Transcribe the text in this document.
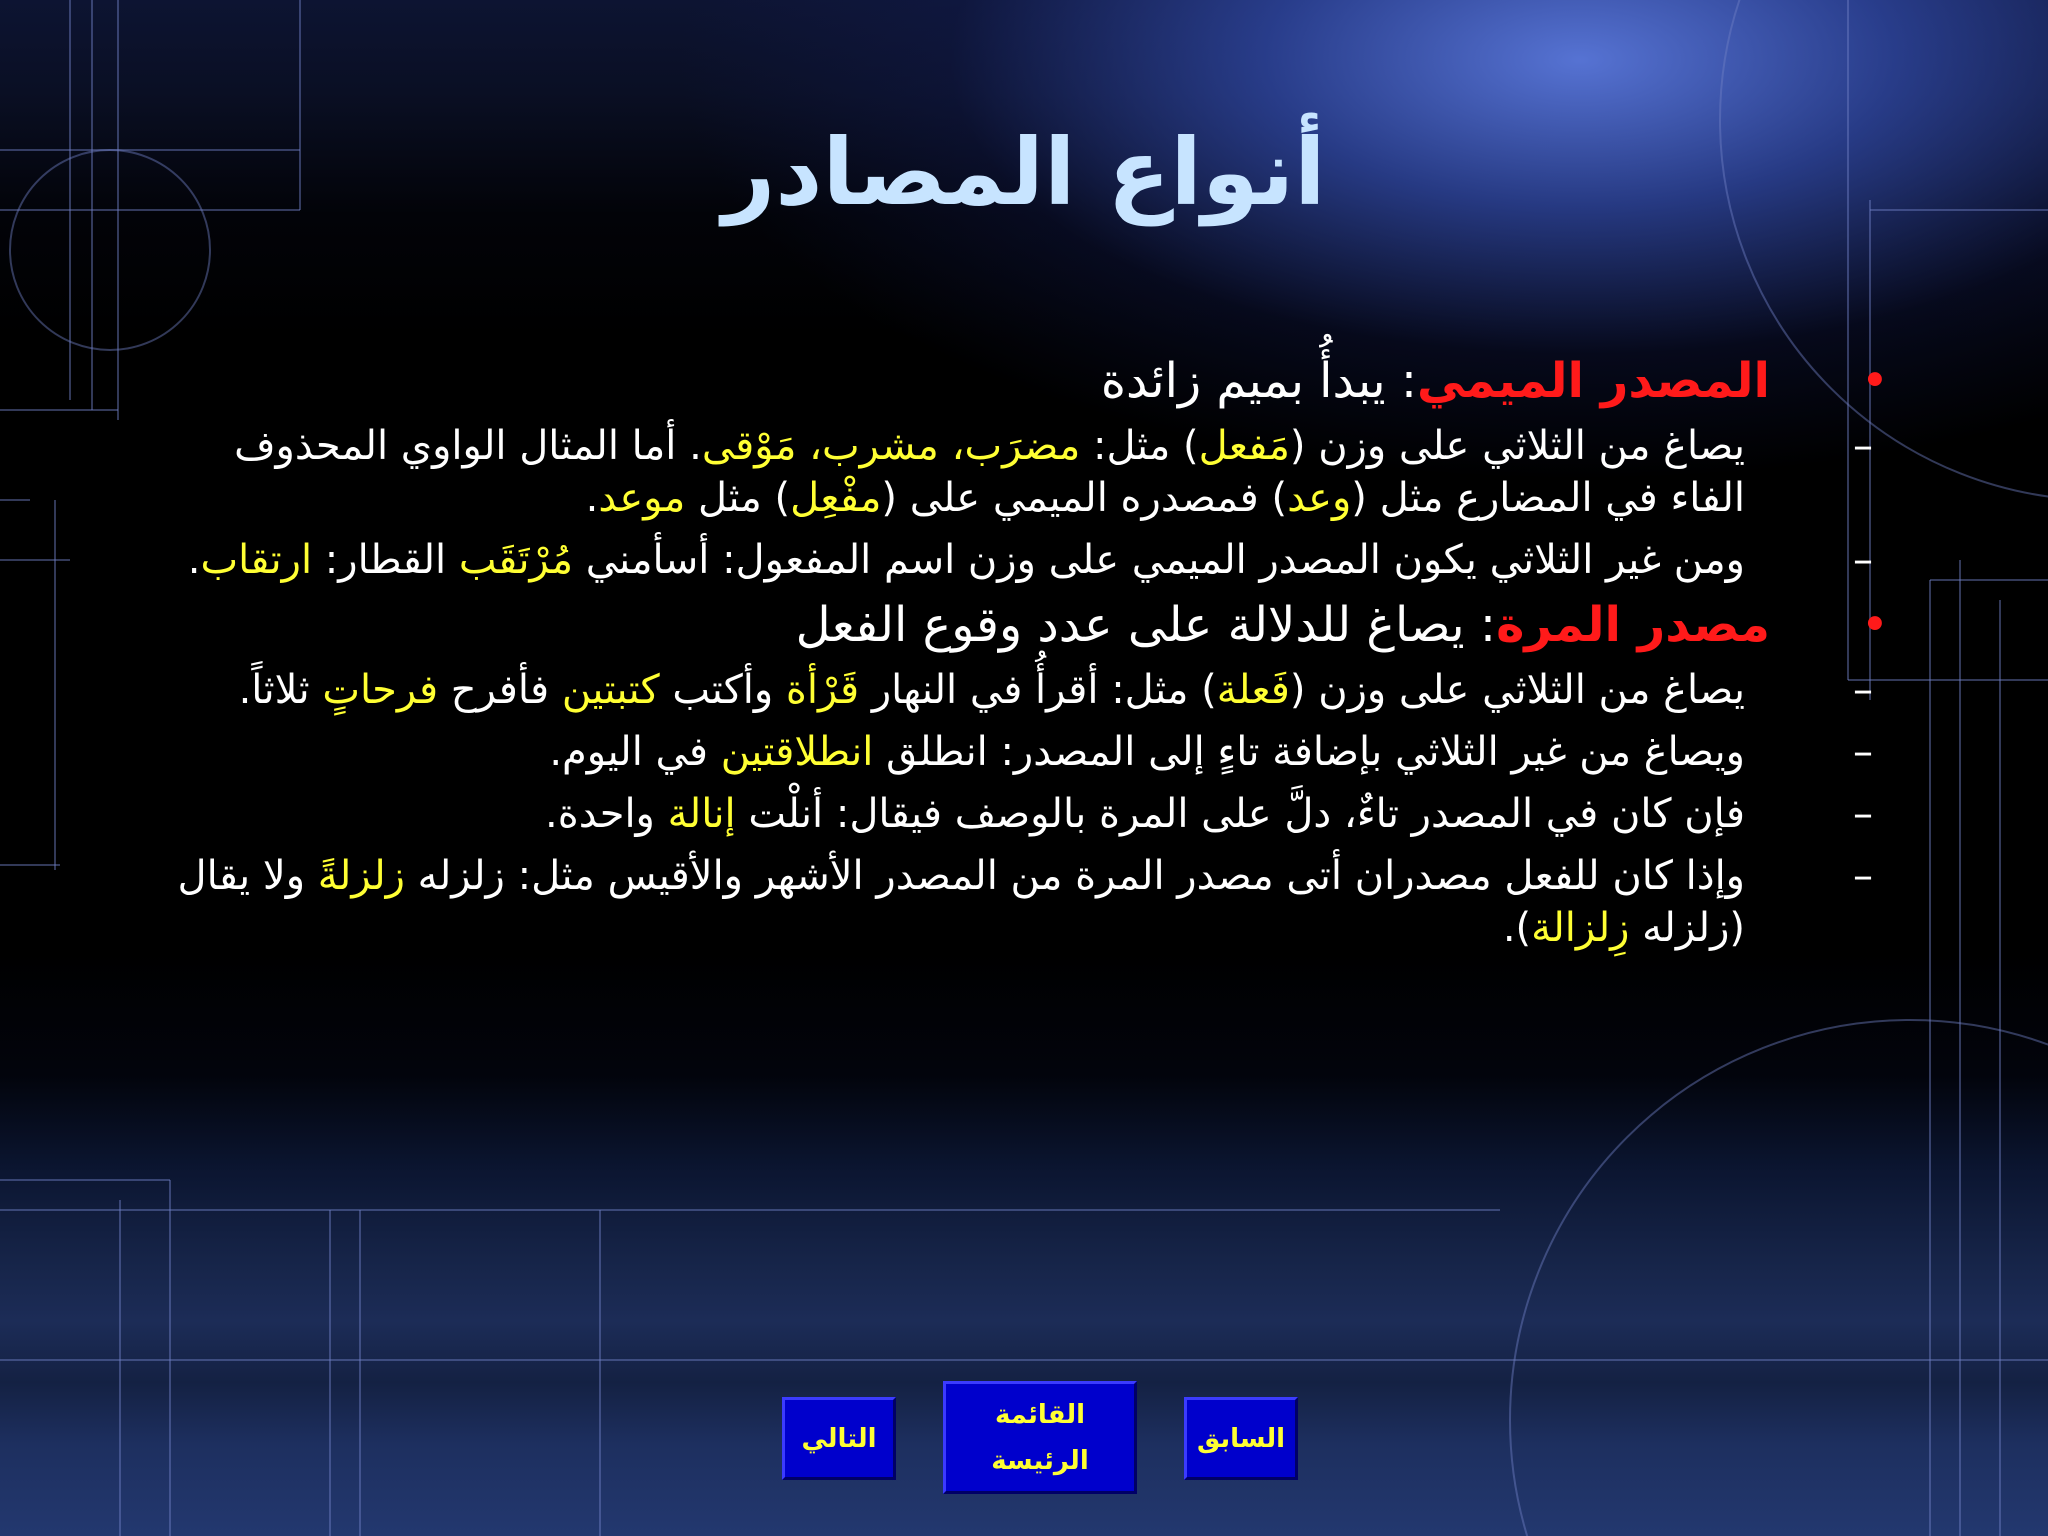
أنواع المصادر

•
المصدر الميمي: يبدأُ بميم زائدة

–
يصاغ من الثلاثي على وزن (مَفعل) مثل: مضرَب، مشرب، مَوْقى. أما المثال الواوي المحذوف الفاء في المضارع مثل (وعد) فمصدره الميمي على (مفْعِل) مثل موعد.

–
ومن غير الثلاثي يكون المصدر الميمي على وزن اسم المفعول: أسأمني مُرْتَقَب القطار: ارتقاب.

•
مصدر المرة: يصاغ للدلالة على عدد وقوع الفعل

–
يصاغ من الثلاثي على وزن (فَعلة) مثل: أقرأُ في النهار قَرْأة وأكتب كتبتين فأفرح فرحاتٍ ثلاثاً.

–
ويصاغ من غير الثلاثي بإضافة تاءٍ إلى المصدر: انطلق انطلاقتين في اليوم.

–
فإن كان في المصدر تاءٌ، دلَّ على المرة بالوصف فيقال: أنلْت إنالة واحدة.

–
وإذا كان للفعل مصدران أتى مصدر المرة من المصدر الأشهر والأقيس مثل: زلزله زلزلةً ولا يقال (زلزله زِلزالة).

التالي
القائمة
الرئيسة
السابق
